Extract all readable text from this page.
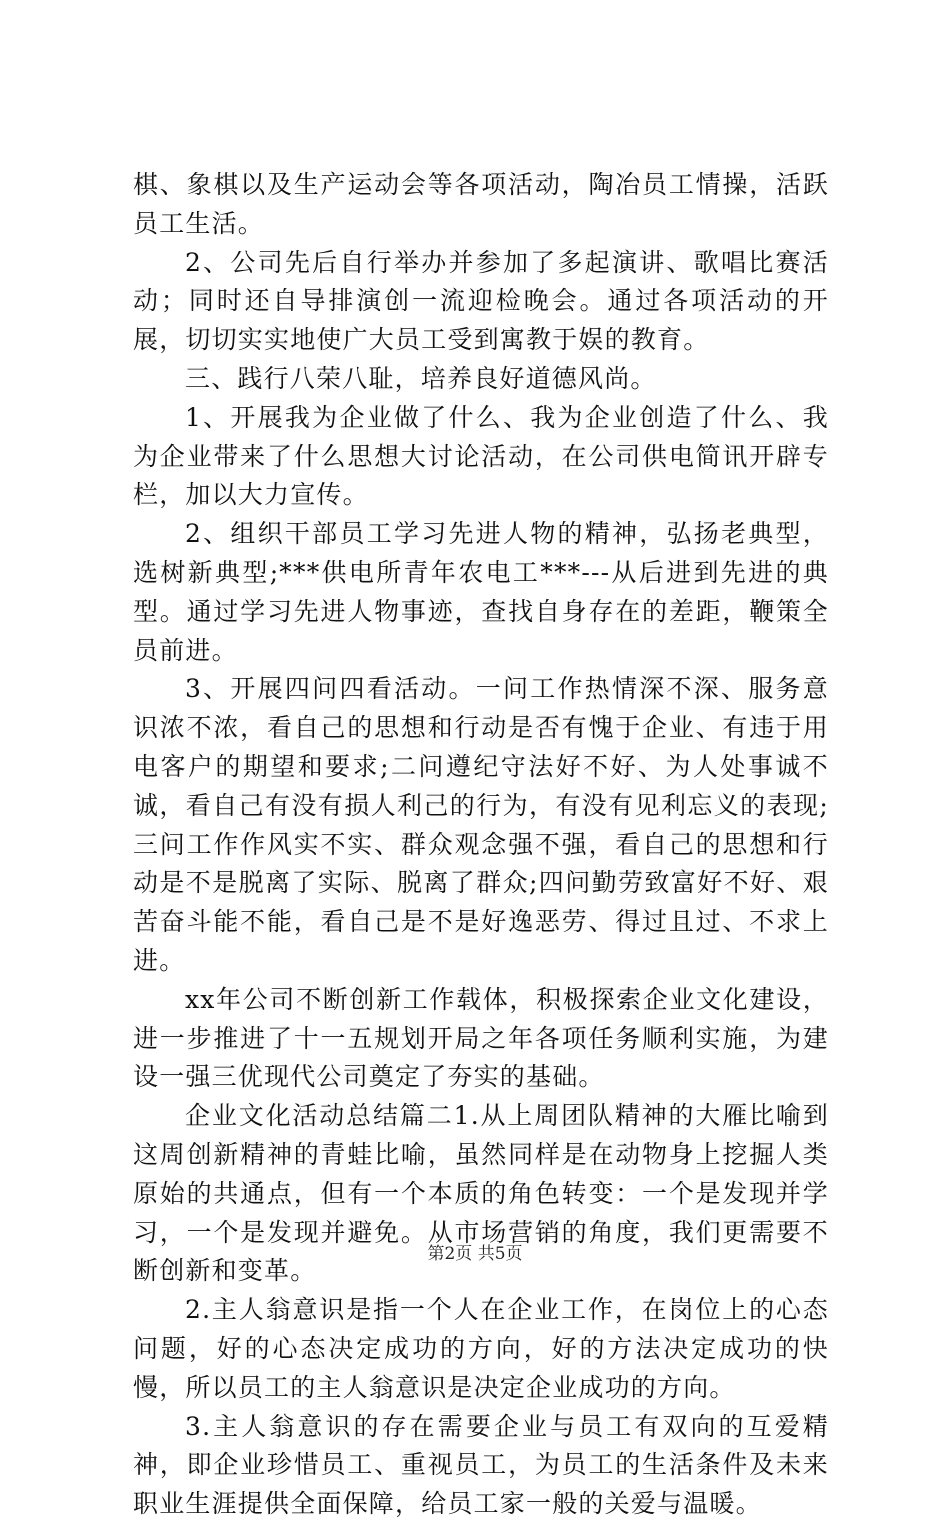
棋、象棋以及生产运动会等各项活动，陶冶员工情操，活跃员工生活。

2、公司先后自行举办并参加了多起演讲、歌唱比赛活动；同时还自导排演创一流迎检晚会。通过各项活动的开展，切切实实地使广大员工受到寓教于娱的教育。

三、践行八荣八耻，培养良好道德风尚。

1、开展我为企业做了什么、我为企业创造了什么、我为企业带来了什么思想大讨论活动，在公司供电简讯开辟专栏，加以大力宣传。

2、组织干部员工学习先进人物的精神，弘扬老典型，选树新典型;***供电所青年农电工***---从后进到先进的典型。通过学习先进人物事迹，查找自身存在的差距，鞭策全员前进。

3、开展四问四看活动。一问工作热情深不深、服务意识浓不浓，看自己的思想和行动是否有愧于企业、有违于用电客户的期望和要求;二问遵纪守法好不好、为人处事诚不诚，看自己有没有损人利己的行为，有没有见利忘义的表现;三问工作作风实不实、群众观念强不强，看自己的思想和行动是不是脱离了实际、脱离了群众;四问勤劳致富好不好、艰苦奋斗能不能，看自己是不是好逸恶劳、得过且过、不求上进。

xx年公司不断创新工作载体，积极探索企业文化建设，进一步推进了十一五规划开局之年各项任务顺利实施，为建设一强三优现代公司奠定了夯实的基础。

企业文化活动总结篇二1.从上周团队精神的大雁比喻到这周创新精神的青蛙比喻，虽然同样是在动物身上挖掘人类原始的共通点，但有一个本质的角色转变：一个是发现并学习，一个是发现并避免。从市场营销的角度，我们更需要不断创新和变革。

2.主人翁意识是指一个人在企业工作，在岗位上的心态问题，好的心态决定成功的方向，好的方法决定成功的快慢，所以员工的主人翁意识是决定企业成功的方向。

3.主人翁意识的存在需要企业与员工有双向的互爱精神，即企业珍惜员工、重视员工，为员工的生活条件及未来职业生涯提供全面保障，给员工家一般的关爱与温暖。

第2页 共5页
